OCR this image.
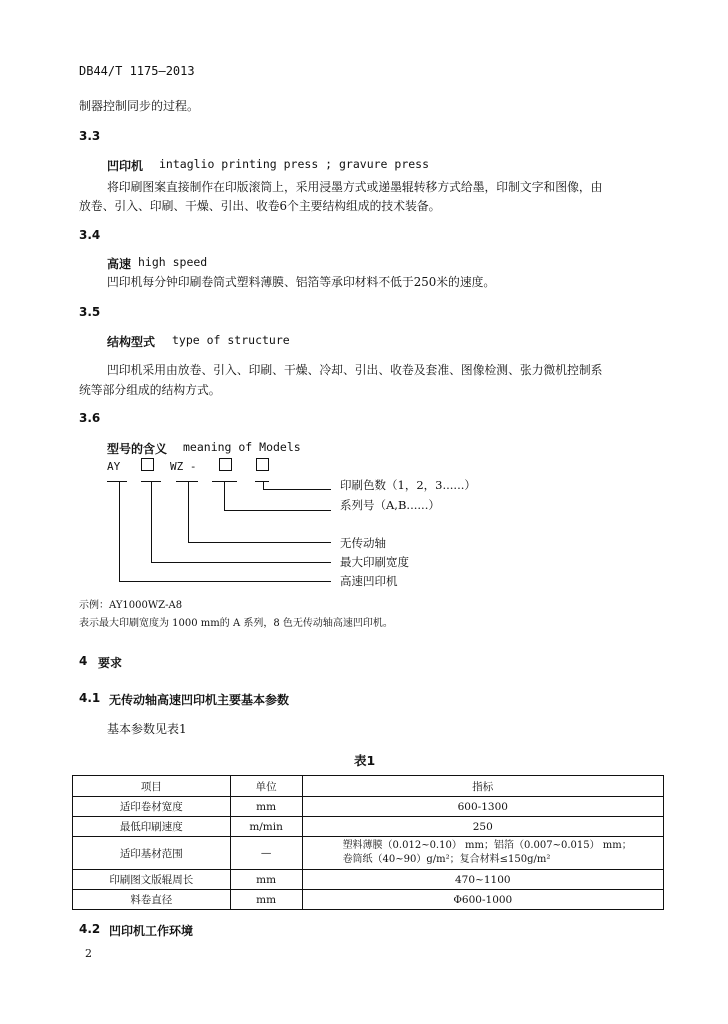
DB44/T 1175—2013
制器控制同步的过程。
3.3
凹印机 intaglio printing press ; gravure press
将印刷图案直接制作在印版滚筒上，采用浸墨方式或递墨辊转移方式给墨，印制文字和图像，由
放卷、引入、印刷、干燥、引出、收卷6个主要结构组成的技术装备。
3.4
高速 high speed
凹印机每分钟印刷卷筒式塑料薄膜、铝箔等承印材料不低于250米的速度。
3.5
结构型式 type of structure
凹印机采用由放卷、引入、印刷、干燥、冷却、引出、收卷及套准、图像检测、张力微机控制系
统等部分组成的结构方式。
3.6
型号的含义 meaning of Models
AY	WZ -
印刷色数（1，2，3......）
系列号（A,B......）
无传动轴
最大印刷宽度
高速凹印机
示例：AY1000WZ-A8
表示最大印刷宽度为 1000 mm的 A 系列，8 色无传动轴高速凹印机。
4 要求
4.1 无传动轴高速凹印机主要基本参数
基本参数见表1
表1
项目	单位	指标
适印卷材宽度	mm	600-1300
最低印刷速度	m/min	250
适印基材范围	—	塑料薄膜（0.012~0.10） mm；铝箔（0.007~0.015） mm；
卷筒纸（40~90）g/m²；复合材料≤150g/m²

印刷图文版辊周长	mm	470~1100
料卷直径	mm	Φ600-1000
4.2 凹印机工作环境
2
